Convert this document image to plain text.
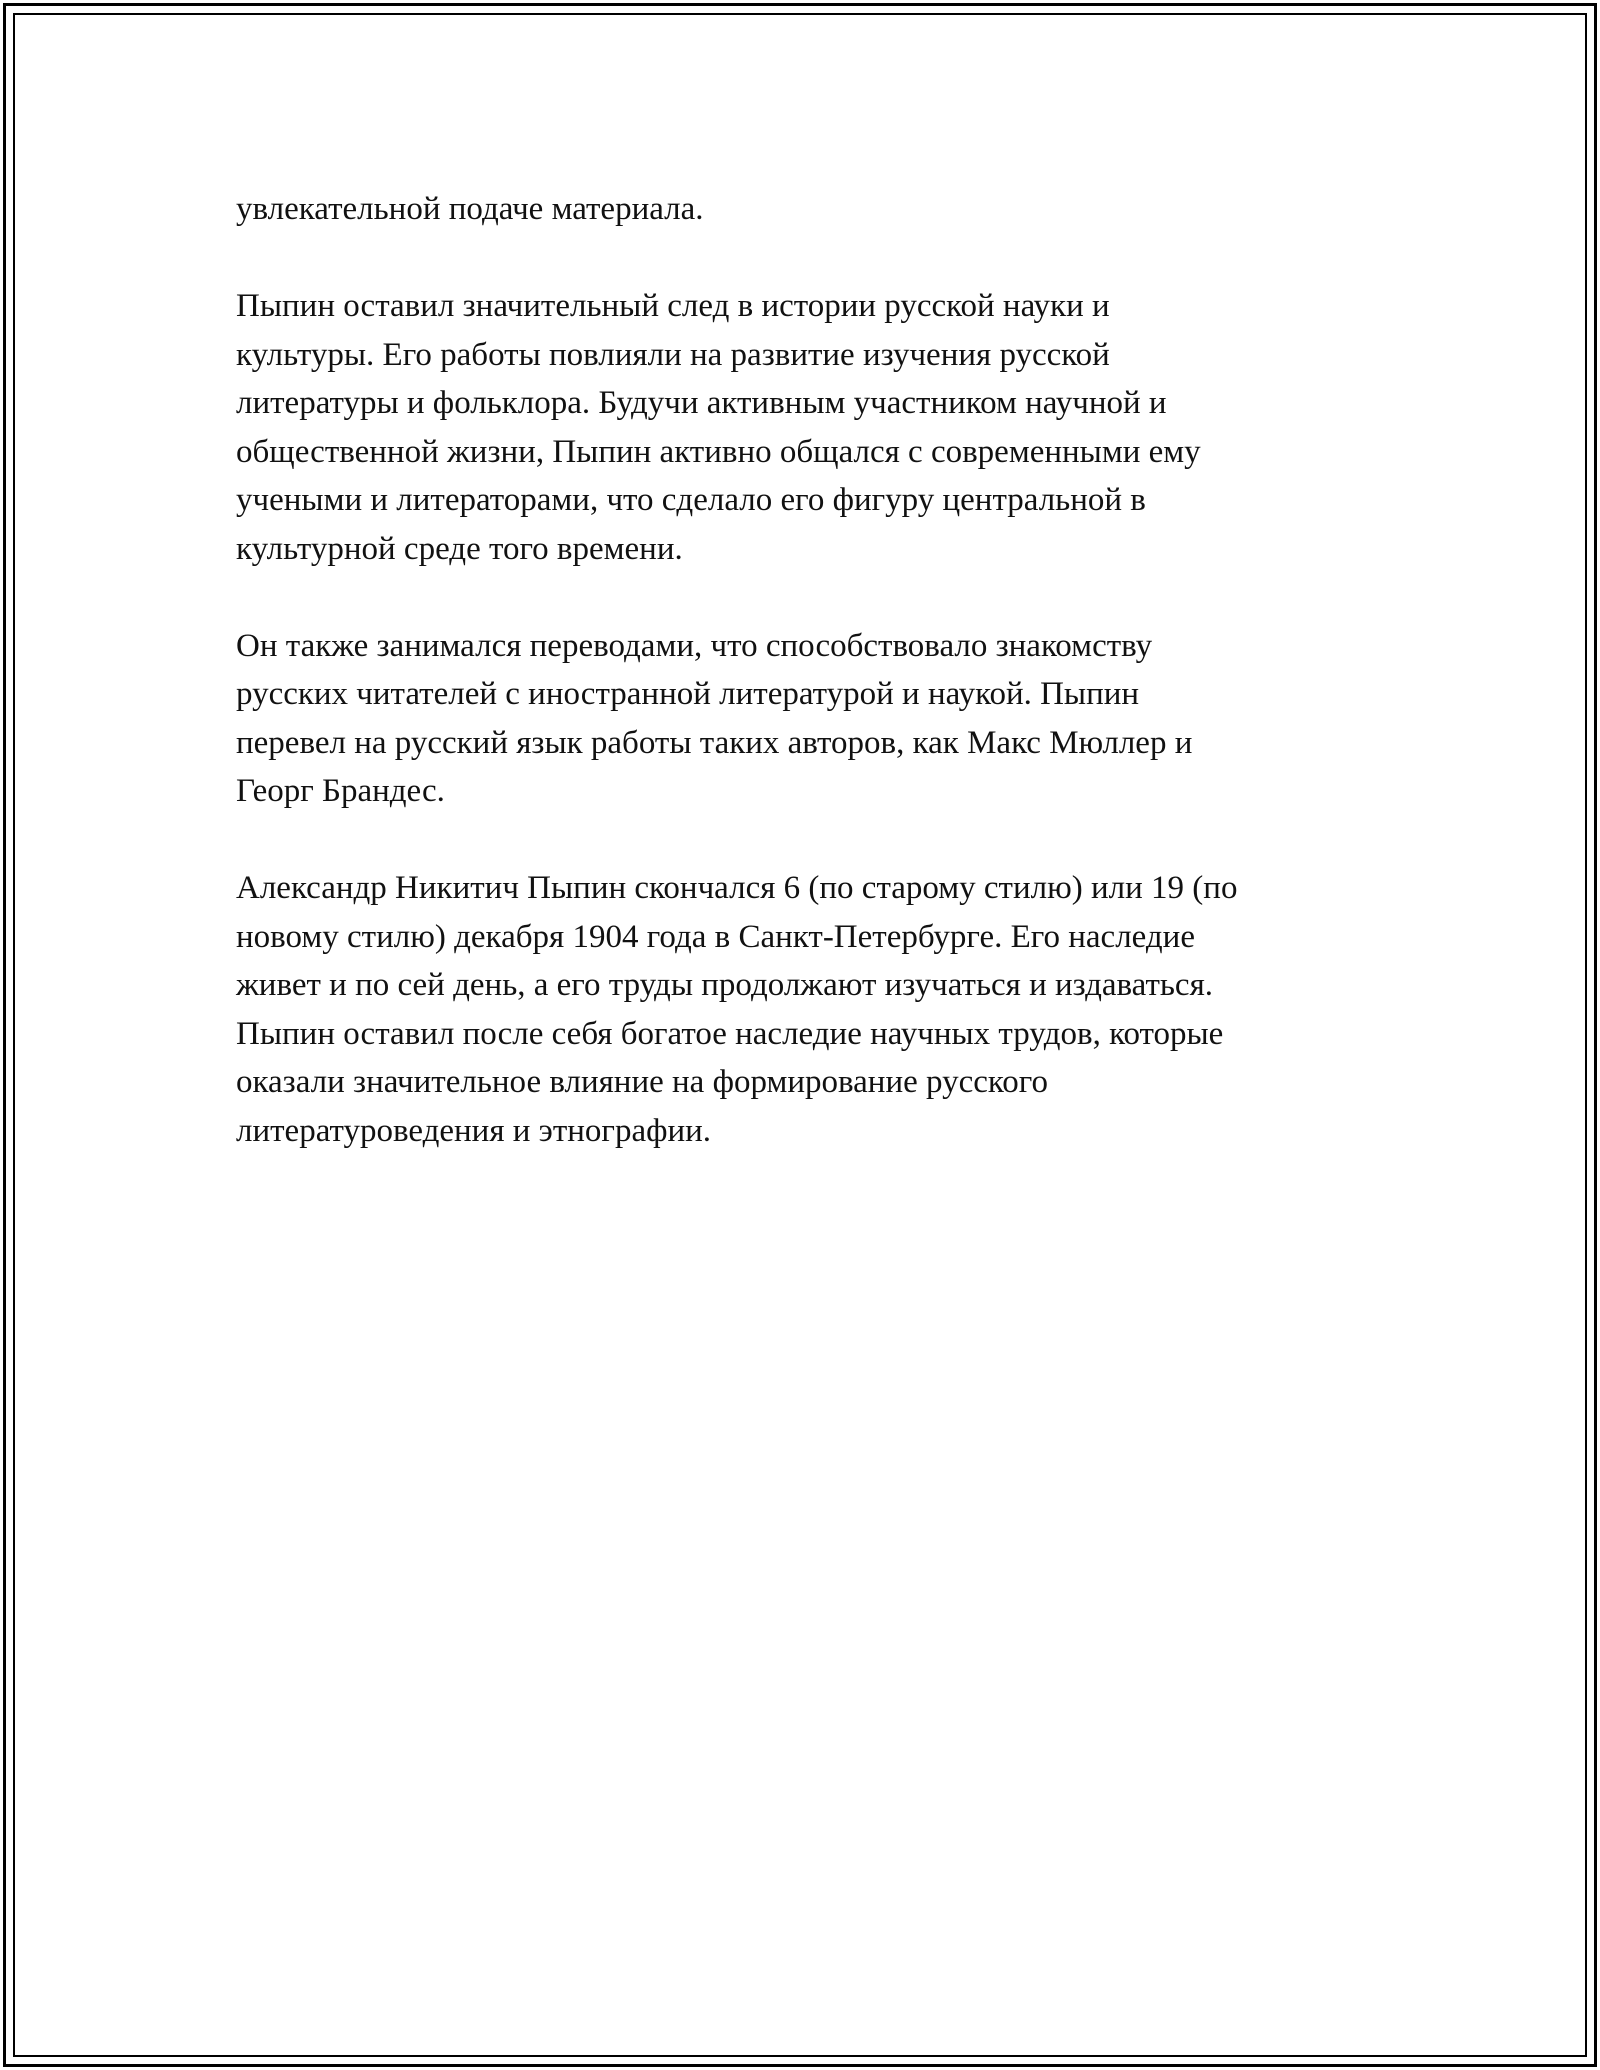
увлекательной подаче материала.

Пыпин оставил значительный след в истории русской науки и
культуры. Его работы повлияли на развитие изучения русской
литературы и фольклора. Будучи активным участником научной и
общественной жизни, Пыпин активно общался с современными ему
учеными и литераторами, что сделало его фигуру центральной в
культурной среде того времени.

Он также занимался переводами, что способствовало знакомству
русских читателей с иностранной литературой и наукой. Пыпин
перевел на русский язык работы таких авторов, как Макс Мюллер и
Георг Брандес.

Александр Никитич Пыпин скончался 6 (по старому стилю) или 19 (по
новому стилю) декабря 1904 года в Санкт-Петербурге. Его наследие
живет и по сей день, а его труды продолжают изучаться и издаваться.
Пыпин оставил после себя богатое наследие научных трудов, которые
оказали значительное влияние на формирование русского
литературоведения и этнографии.
